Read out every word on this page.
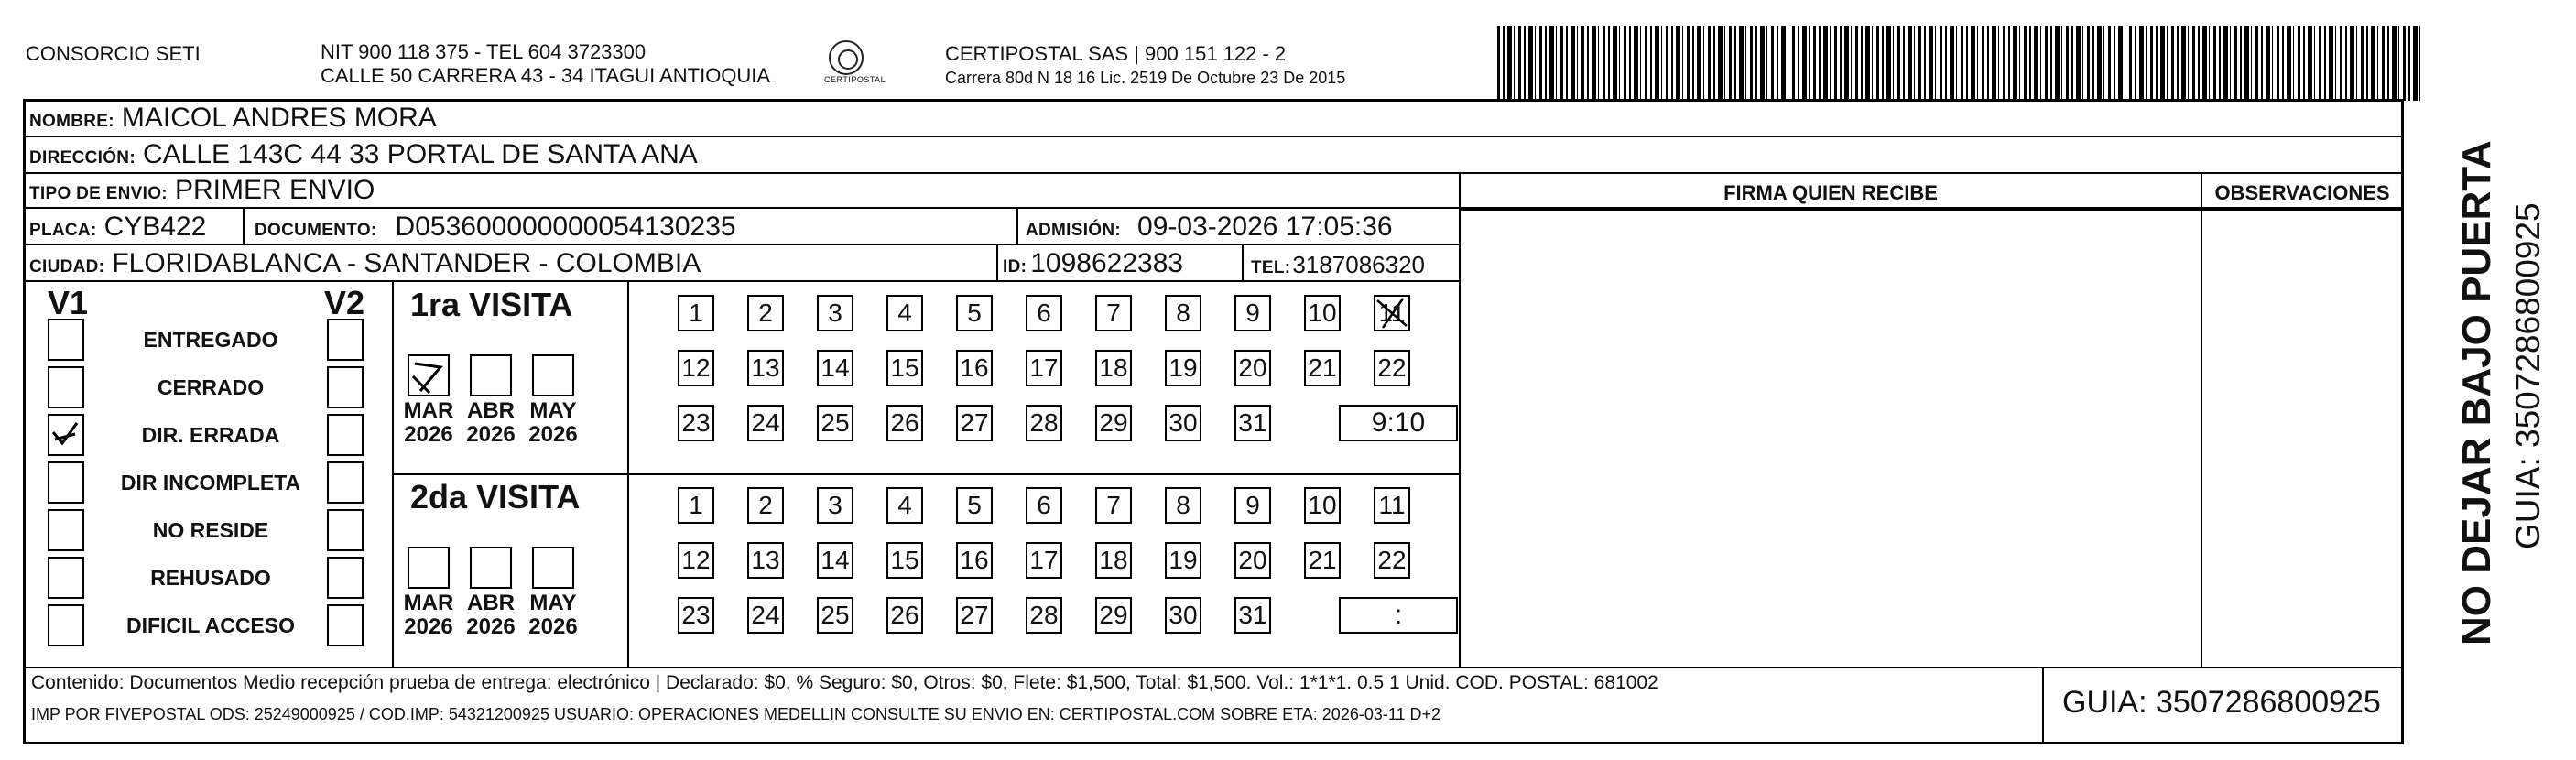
CONSORCIO SETI	NIT 900 118 375 - TEL 604 3723300
CALLE 50 CARRERA 43 - 34 ITAGUI ANTIOQUIA	CERTIPOSTAL
CERTIPOSTAL SAS | 900 151 122 - 2
Carrera 80d N 18 16 Lic. 2519 De Octubre 23 De 2015
NOMBRE: MAICOL ANDRES MORA
DIRECCIÓN: CALLE 143C 44 33 PORTAL DE SANTA ANA
TIPO DE ENVIO: PRIMER ENVIO
PLACA: CYB422	DOCUMENTO: D053600000000054130235	ADMISIÓN: 09-03-2026 17:05:36
CIUDAD: FLORIDABLANCA - SANTANDER - COLOMBIA	ID: 1098622383	TEL: 3187086320
FIRMA QUIEN RECIBE	OBSERVACIONES
V1	V2
ENTREGADO
CERRADO
DIR. ERRADA
DIR INCOMPLETA
NO RESIDE
REHUSADO
DIFICIL ACCESO
1ra VISITA
MAR
2026
ABR
2026
MAY
2026
1	2	3	4	5	6	7	8	9	10 11
12 13 14 15 16 17 18 19 20 21 22
23 24 25 26 27 28 29 30 31	9:10
2da VISITA
MAR
2026
ABR
2026
MAY
2026
1	2	3	4	5	6	7	8	9	10 11
12 13 14 15 16 17 18 19 20 21 22
23 24 25 26 27 28 29 30 31	:
Contenido: Documentos Medio recepción prueba de entrega: electrónico | Declarado: $0, % Seguro: $0, Otros: $0, Flete: $1,500, Total: $1,500. Vol.: 1*1*1. 0.5 1 Unid. COD. POSTAL: 681002
IMP POR FIVEPOSTAL ODS: 25249000925 / COD.IMP: 54321200925 USUARIO: OPERACIONES MEDELLIN CONSULTE SU ENVIO EN: CERTIPOSTAL.COM SOBRE ETA: 2026-03-11 D+2	GUIA: 3507286800925
NO DEJAR BAJO PUERTA GUIA: 3507286800925
